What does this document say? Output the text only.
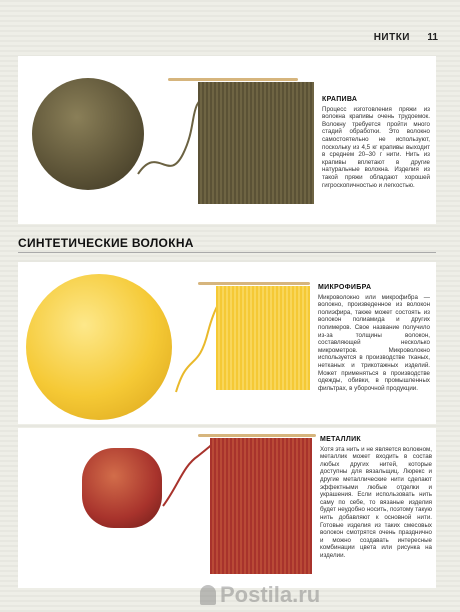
НИТКИ 11
КРАПИВА
Процесс изготовления пряжи из волокна крапивы очень трудоемок. Волокну требуется пройти много стадий обработки. Это волокно самостоятельно не используют, поскольку из 4,5 кг крапивы выходит в среднем 20–30 г нити. Нить из крапивы вплетают в другие натуральные волокна. Изделия из такой пряжи обладают хорошей гигроскопичностью и легкостью.
СИНТЕТИЧЕСКИЕ ВОЛОКНА
МИКРОФИБРА
Микроволокно или микрофибра — волокно, произведенное из волокон полиэфира, также может состоять из волокон полиамида и других полимеров. Свое название получило из-за толщины волокон, составляющей несколько микрометров. Микроволокно используется в производстве тканых, нетканых и трикотажных изделий. Может применяться в производстве одежды, обивки, в промышленных фильтрах, в уборочной продукции.
МЕТАЛЛИК
Хотя эта нить и не является волокном, металлик может входить в состав любых других нитей, которые доступны для вязальщиц. Люрекс и другие металлические нити сделают эффектными любые отделки и украшения. Если использовать нить саму по себе, то вязаные изделия будет неудобно носить, поэтому такую нить добавляют к основной нити. Готовые изделия из таких смесовых волокон смотрятся очень празднично и можно создавать интересные комбинации цвета или рисунка на изделии.
Postila.ru
